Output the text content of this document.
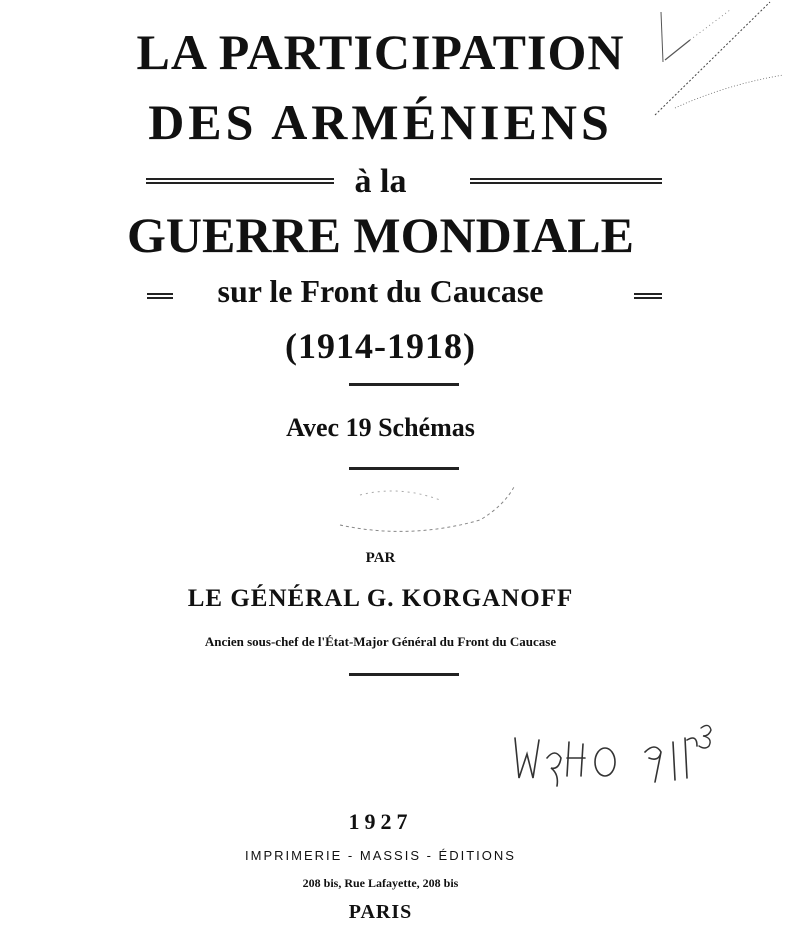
LA PARTICIPATION
DES ARMÉNIENS
à la
GUERRE MONDIALE
sur le Front du Caucase
(1914-1918)
Avec 19 Schémas
PAR
LE GÉNÉRAL G. KORGANOFF
Ancien sous-chef de l'État-Major Général du Front du Caucase
1927
IMPRIMERIE - MASSIS - ÉDITIONS
208 bis, Rue Lafayette, 208 bis
PARIS
